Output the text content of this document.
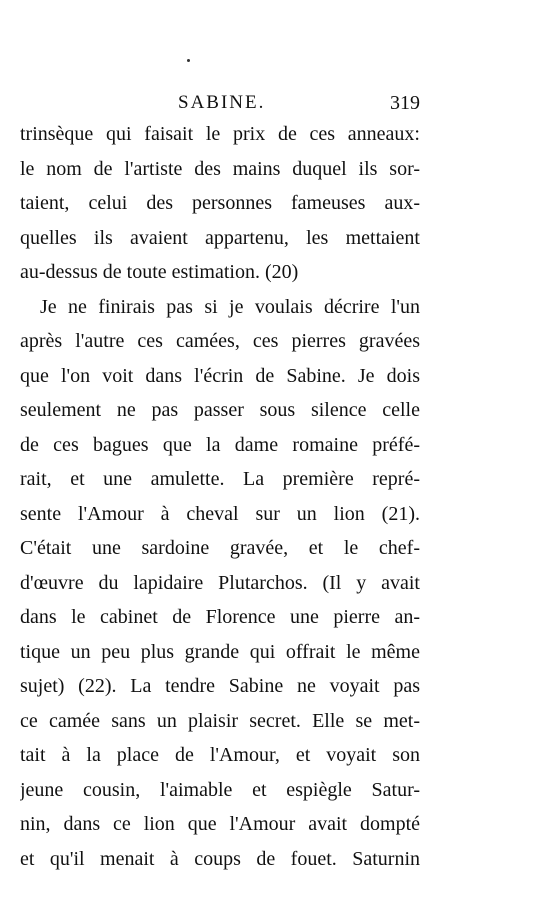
SABINE.	319
trinsèque qui faisait le prix de ces anneaux:
le nom de l'artiste des mains duquel ils sor-
taient, celui des personnes fameuses aux-
quelles ils avaient appartenu, les mettaient
au-dessus de toute estimation. (20)
Je ne finirais pas si je voulais décrire l'un
après l'autre ces camées, ces pierres gravées
que l'on voit dans l'écrin de Sabine. Je dois
seulement ne pas passer sous silence celle
de ces bagues que la dame romaine préfé-
rait, et une amulette. La première repré-
sente l'Amour à cheval sur un lion (21).
C'était une sardoine gravée, et le chef-
d'œuvre du lapidaire Plutarchos. (Il y avait
dans le cabinet de Florence une pierre an-
tique un peu plus grande qui offrait le même
sujet) (22). La tendre Sabine ne voyait pas
ce camée sans un plaisir secret. Elle se met-
tait à la place de l'Amour, et voyait son
jeune cousin, l'aimable et espiègle Satur-
nin, dans ce lion que l'Amour avait dompté
et qu'il menait à coups de fouet. Saturnin
